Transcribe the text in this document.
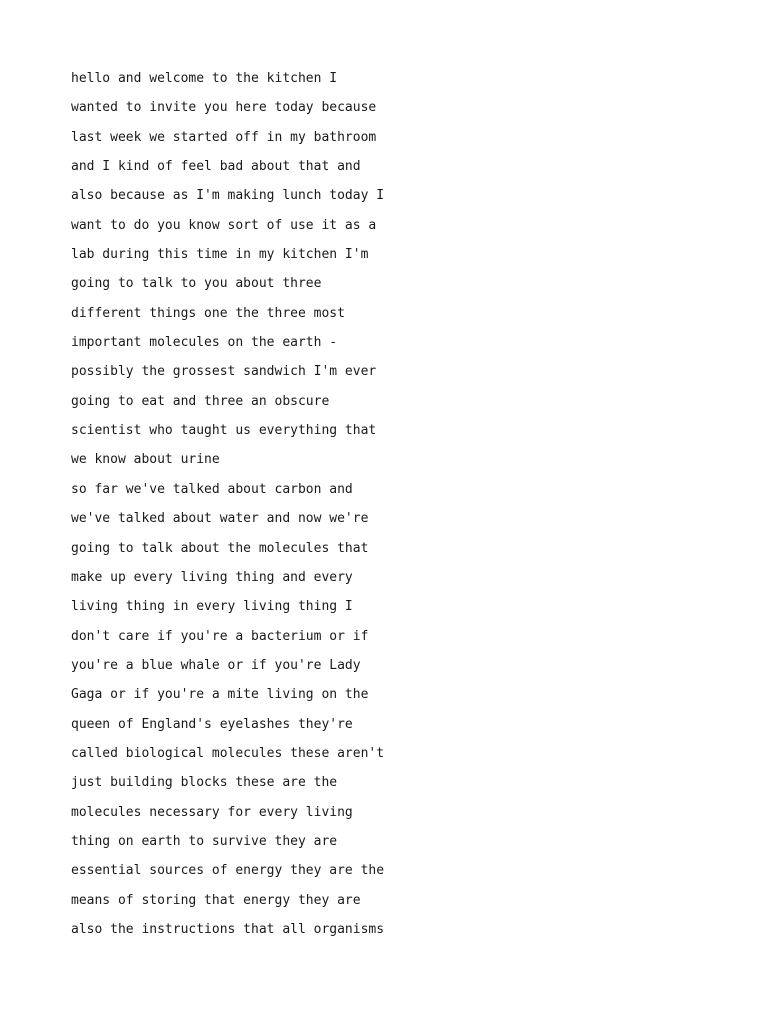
hello and welcome to the kitchen I

wanted to invite you here today because

last week we started off in my bathroom

and I kind of feel bad about that and

also because as I'm making lunch today I

want to do you know sort of use it as a

lab during this time in my kitchen I'm

going to talk to you about three

different things one the three most

important molecules on the earth -

possibly the grossest sandwich I'm ever

going to eat and three an obscure

scientist who taught us everything that

we know about urine

so far we've talked about carbon and

we've talked about water and now we're

going to talk about the molecules that

make up every living thing and every

living thing in every living thing I

don't care if you're a bacterium or if

you're a blue whale or if you're Lady

Gaga or if you're a mite living on the

queen of England's eyelashes they're

called biological molecules these aren't

just building blocks these are the

molecules necessary for every living

thing on earth to survive they are

essential sources of energy they are the

means of storing that energy they are

also the instructions that all organisms
